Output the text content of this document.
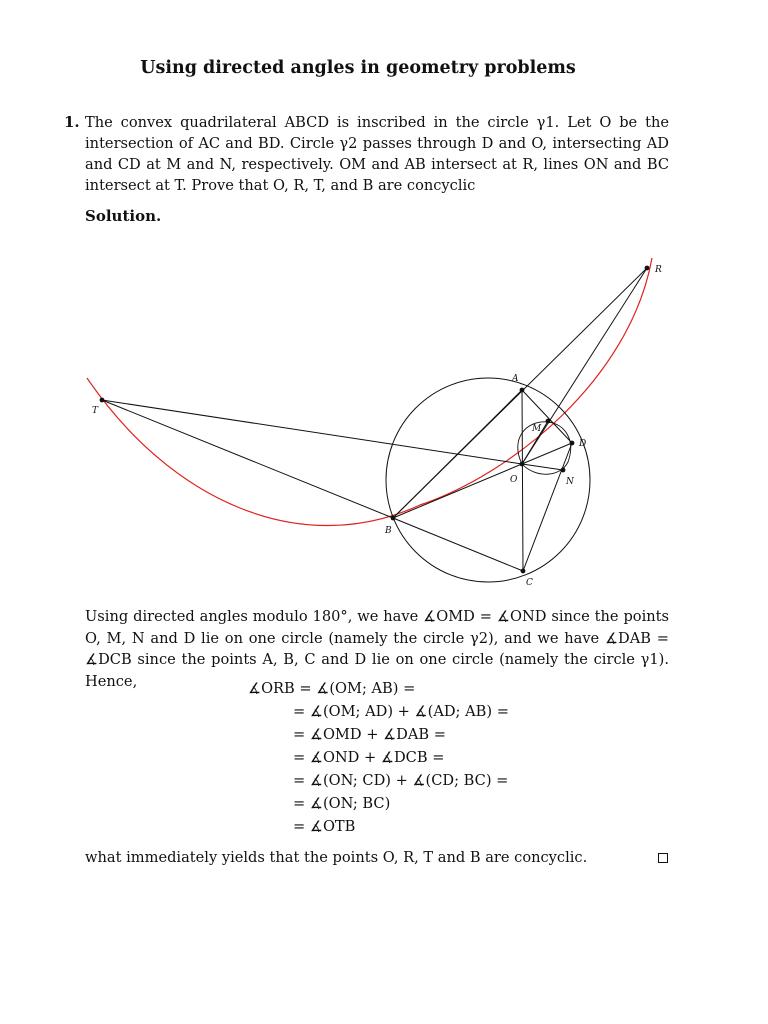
Using directed angles in geometry problems
1. The convex quadrilateral ABCD is inscribed in the circle γ1. Let O be the intersection of AC and BD. Circle γ2 passes through D and O, intersecting AD and CD at M and N, respectively. OM and AB intersect at R, lines ON and BC intersect at T. Prove that O, R, T, and B are concyclic
Solution.
R
A
M
D
O	N
T
B
C
Using directed angles modulo 180°, we have ∡OMD = ∡OND since the points O, M, N and D lie on one circle (namely the circle γ2), and we have ∡DAB = ∡DCB since the points A, B, C and D lie on one circle (namely the circle γ1). Hence,	∡ORB = ∡(OM; AB) =
= ∡(OM; AD) + ∡(AD; AB) =
= ∡OMD + ∡DAB =
= ∡OND + ∡DCB =
= ∡(ON; CD) + ∡(CD; BC) =
= ∡(ON; BC)
= ∡OTB
what immediately yields that the points O, R, T and B are concyclic.
